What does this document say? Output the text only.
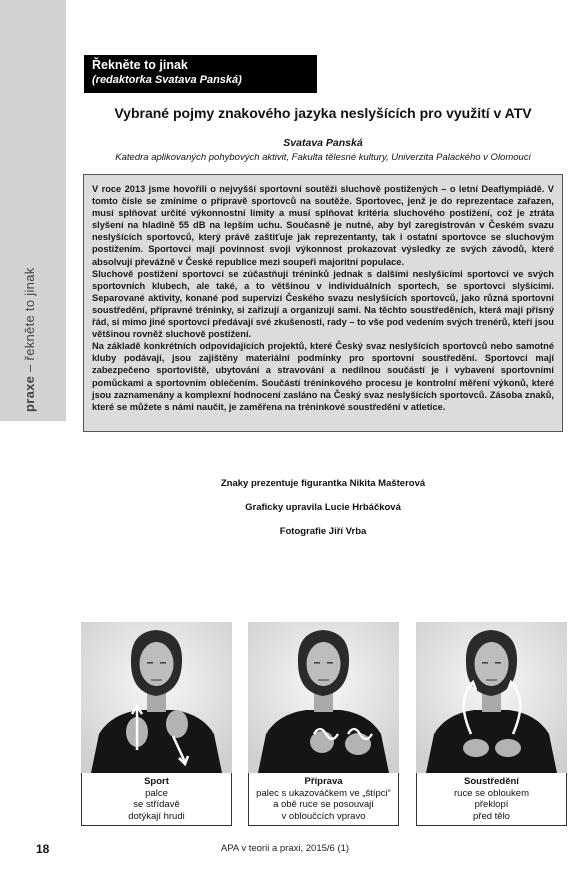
praxe – řekněte to jinak
Řekněte to jinak
(redaktorka Svatava Panská)
Vybrané pojmy znakového jazyka neslyšících pro využití v ATV
Svatava Panská
Katedra aplikovaných pohybových aktivit, Fakulta tělesné kultury, Univerzita Palackého v Olomouci

V roce 2013 jsme hovořili o nejvyšší sportovní soutěži sluchově postižených – o letní Deaflympiádě. V tomto čísle se zmíníme o přípravě sportovců na soutěže. Sportovec, jenž je do reprezentace zařazen, musí splňovat určité výkonnostní limity a musí splňovat kritéria sluchového postižení, což je ztráta slyšení na hladině 55 dB na lepším uchu. Současně je nutné, aby byl zaregistrován v Českém svazu neslyšících sportovců, který právě zaštiťuje jak reprezentanty, tak i ostatní sportovce se sluchovým postižením. Sportovci mají povinnost svoji výkonnost prokazovat výsledky ze svých závodů, které absolvují převážně v České republice mezi soupeři majoritní populace.

Sluchově postižení sportovci se zúčastňují tréninků jednak s dalšími neslyšícími sportovci ve svých sportovních klubech, ale také, a to většinou v individuálních sportech, se sportovci slyšícími. Separované aktivity, konané pod supervizí Českého svazu neslyšících sportovců, jako různá sportovní soustředění, přípravné tréninky, si zařizují a organizují sami. Na těchto soustředěních, která mají přísný řád, si mimo jiné sportovci předávají své zkušenosti, rady – to vše pod vedením svých trenérů, kteří jsou většinou rovněž sluchově postižení.

Na základě konkrétních odpovídajících projektů, které Český svaz neslyšících sportovců nebo samotné kluby podávají, jsou zajištěny materiální podmínky pro sportovní soustředění. Sportovci mají zabezpečeno sportoviště, ubytování a stravování a nedílnou součástí je i vybavení sportovními pomůckami a sportovním oblečením. Součástí tréninkového procesu je kontrolní měření výkonů, které jsou zaznamenány a komplexní hodnocení zasláno na Český svaz neslyšících sportovců. Zásoba znaků, které se můžete s námi naučit, je zaměřena na tréninkové soustředění v atletice.

Znaky prezentuje figurantka Nikita Mašterová
Graficky upravila Lucie Hrbáčková
Fotografie Jiří Vrba
Sport
palce
se střídavě
dotýkají hrudi
Příprava
palec s ukazováčkem ve „štípci“
a obě ruce se posouvají
v obloučcích vpravo
Soustředění
ruce se obloukem
překlopí
před tělo
18	APA v teorii a praxi, 2015/6 (1)
